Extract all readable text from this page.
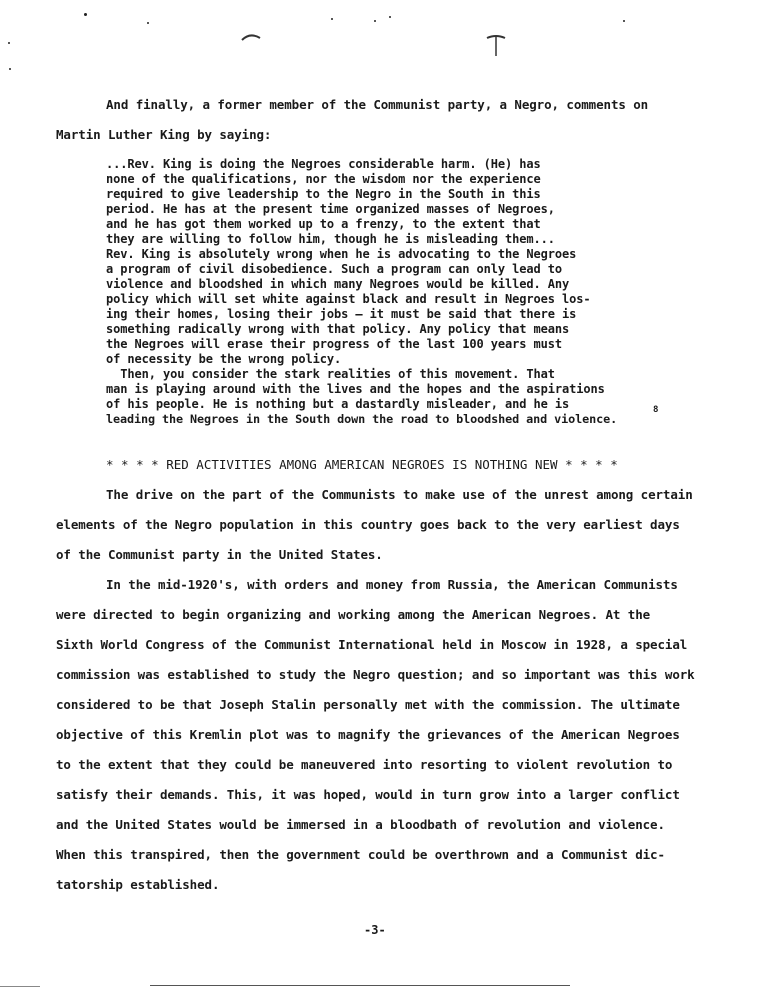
And finally, a former member of the Communist party, a Negro, comments on
Martin Luther King by saying:
...Rev. King is doing the Negroes considerable harm. (He) has
none of the qualifications, nor the wisdom nor the experience
required to give leadership to the Negro in the South in this
period. He has at the present time organized masses of Negroes,
and he has got them worked up to a frenzy, to the extent that
they are willing to follow him, though he is misleading them...
Rev. King is absolutely wrong when he is advocating to the Negroes
a program of civil disobedience. Such a program can only lead to
violence and bloodshed in which many Negroes would be killed. Any
policy which will set white against black and result in Negroes los-
ing their homes, losing their jobs — it must be said that there is
something radically wrong with that policy. Any policy that means
the Negroes will erase their progress of the last 100 years must
of necessity be the wrong policy.
Then, you consider the stark realities of this movement. That
man is playing around with the lives and the hopes and the aspirations
of his people. He is nothing but a dastardly misleader, and he is
leading the Negroes in the South down the road to bloodshed and violence.
8
* * * * RED ACTIVITIES AMONG AMERICAN NEGROES IS NOTHING NEW * * * *
The drive on the part of the Communists to make use of the unrest among certain
elements of the Negro population in this country goes back to the very earliest days
of the Communist party in the United States.
In the mid-1920's, with orders and money from Russia, the American Communists
were directed to begin organizing and working among the American Negroes. At the
Sixth World Congress of the Communist International held in Moscow in 1928, a special
commission was established to study the Negro question; and so important was this work
considered to be that Joseph Stalin personally met with the commission. The ultimate
objective of this Kremlin plot was to magnify the grievances of the American Negroes
to the extent that they could be maneuvered into resorting to violent revolution to
satisfy their demands. This, it was hoped, would in turn grow into a larger conflict
and the United States would be immersed in a bloodbath of revolution and violence.
When this transpired, then the government could be overthrown and a Communist dic-
tatorship established.
-3-
